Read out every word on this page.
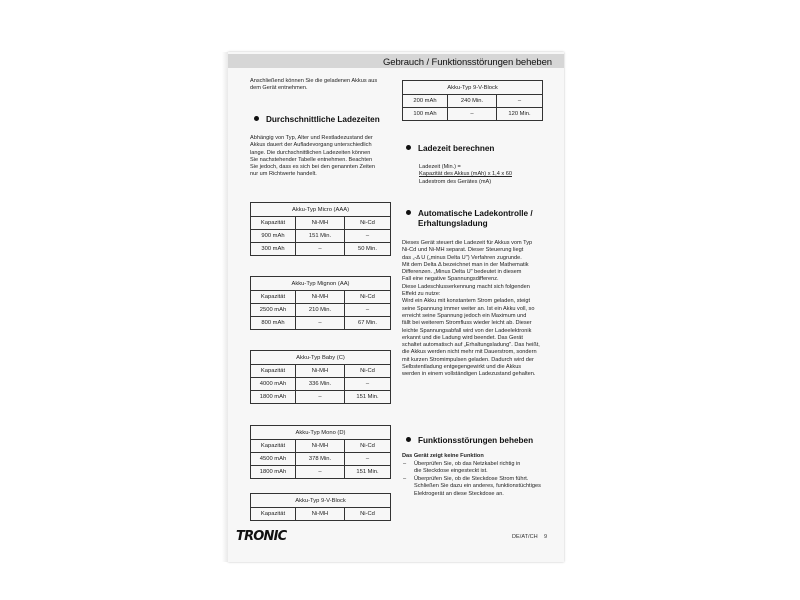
Gebrauch / Funktionsstörungen beheben
Anschließend können Sie die geladenen Akkus aus
dem Gerät entnehmen.
Durchschnittliche Ladezeiten
Abhängig von Typ, Alter und Restladezustand der
Akkus dauert der Aufladevorgang unterschiedlich
lange. Die durchschnittlichen Ladezeiten können
Sie nachstehender Tabelle entnehmen. Beachten
Sie jedoch, dass es sich bei den genannten Zeiten
nur um Richtwerte handelt.
Akku-Typ Micro (AAA)		
Kapazität	Ni-MH	Ni-Cd
900 mAh	151 Min.	–
300 mAh	–	50 Min.
Akku-Typ Mignon (AA)		
Kapazität	Ni-MH	Ni-Cd
2500 mAh	210 Min.	–
800 mAh	–	67 Min.
Akku-Typ Baby (C)		
Kapazität	Ni-MH	Ni-Cd
4000 mAh	336 Min.	–
1800 mAh	–	151 Min.
Akku-Typ Mono (D)		
Kapazität	Ni-MH	Ni-Cd
4500 mAh	378 Min.	–
1800 mAh	–	151 Min.
Akku-Typ 9-V-Block
Kapazität	Ni-MH	Ni-Cd
Akku-Typ 9-V-Block		
200 mAh	240 Min.	–
100 mAh	–	120 Min.
Ladezeit berechnen
Ladezeit (Min.) =
Kapazität des Akkus (mAh) x 1,4 x 60
Ladestrom des Gerätes (mA)
Automatische Ladekontrolle /
Erhaltungsladung
Dieses Gerät steuert die Ladezeit für Akkus vom Typ
Ni-Cd und Ni-MH separat. Dieser Steuerung liegt
das „-Δ U („minus Delta U") Verfahren zugrunde.
Mit dem Delta Δ bezeichnet man in der Mathematik
Differenzen. „Minus Delta U" bedeutet in diesem
Fall eine negative Spannungsdifferenz.
Diese Ladeschlusserkennung macht sich folgenden
Effekt zu nutze:
Wird ein Akku mit konstantem Strom geladen, steigt
seine Spannung immer weiter an. Ist ein Akku voll, so
erreicht seine Spannung jedoch ein Maximum und
fällt bei weiterem Stromfluss wieder leicht ab. Dieser
leichte Spannungsabfall wird von der Ladeelektronik
erkannt und die Ladung wird beendet. Das Gerät
schaltet automatisch auf „Erhaltungsladung". Das heißt,
die Akkus werden nicht mehr mit Dauerstrom, sondern
mit kurzen Stromimpulsen geladen. Dadurch wird der
Selbstentladung entgegengewirkt und die Akkus
werden in einem vollständigen Ladezustand gehalten.
Funktionsstörungen beheben
Das Gerät zeigt keine Funktion
– Überprüfen Sie, ob das Netzkabel richtig in
die Steckdose eingesteckt ist.
– Überprüfen Sie, ob die Steckdose Strom führt.
Schließen Sie dazu ein anderes, funktionstüchtiges
Elektrogerät an diese Steckdose an.
TRONIC	DE/AT/CH 9
